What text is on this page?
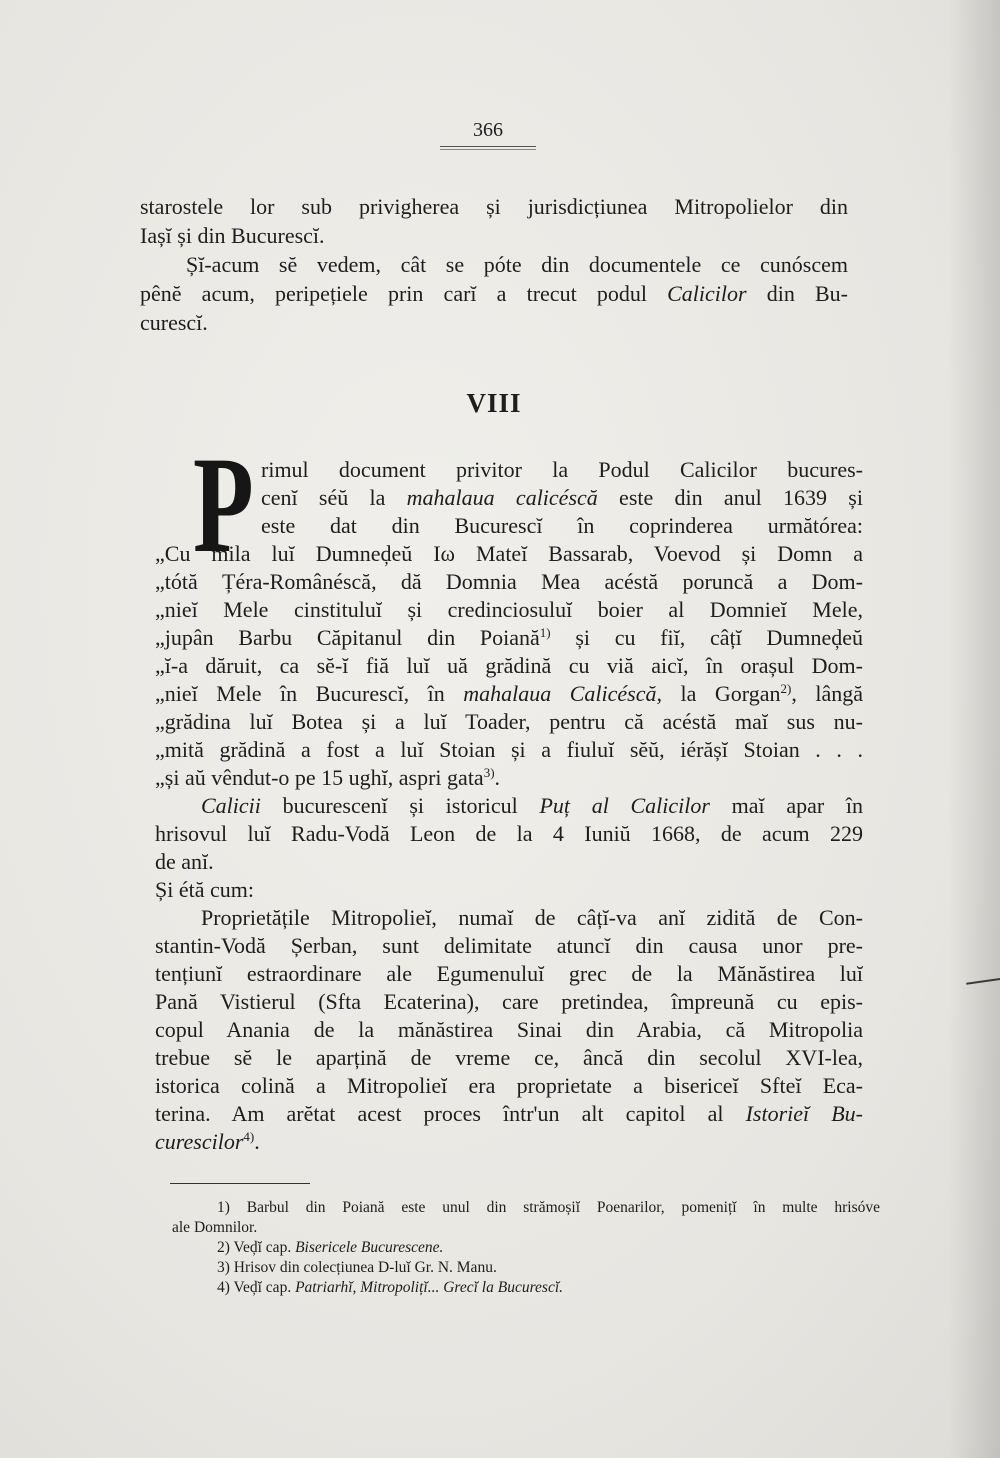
366
starostele lor sub privigherea și jurisdicțiunea Mitropolielor din
Iașĭ și din Bucurescĭ.
Șĭ-acum sĕ vedem, cât se póte din documentele ce cunóscem
pênĕ acum, peripețiele prin carĭ a trecut podul Calicilor din Bu-
curescĭ.
VIII
P rimul document privitor la Podul Calicilor bucures-
cenĭ séŭ la mahalaua calicéscă este din anul 1639 și
este dat din Bucurescĭ în coprinderea următórea:
„Cu mila luĭ Dumneḑeŭ Iω Mateĭ Bassarab, Voevod și Domn a
„tótă Țéra-Românéscă, dă Domnia Mea acéstă poruncă a Dom-
„nieĭ Mele cinstituluĭ și credinciosuluĭ boier al Domnieĭ Mele,
„jupân Barbu Căpitanul din Poiană$^{1)}$ și cu fiĭ, câțĭ Dumneḑeŭ
„ĭ-a dăruit, ca sĕ-ĭ fiă luĭ uă grădină cu viă aicĭ, în orașul Dom-
„nieĭ Mele în Bucurescĭ, în mahalaua Calicéscă, la Gorgan$^{2)}$, lângă
„grădina luĭ Botea și a luĭ Toader, pentru că acéstă maĭ sus nu-
„mită grădină a fost a luĭ Stoian și a fiuluĭ sĕŭ, iérășĭ Stoian . . .
„și aŭ vêndut-o pe 15 ughĭ, aspri gata$^{3)}$.
Calicii bucurescenĭ și istoricul Puț al Calicilor maĭ apar în
hrisovul luĭ Radu-Vodă Leon de la 4 Iuniŭ 1668, de acum 229
de anĭ.
Și étă cum:
Proprietățile Mitropolieĭ, numaĭ de câțĭ-va anĭ zidită de Con-
stantin-Vodă Șerban, sunt delimitate atuncĭ din causa unor pre-
tențiunĭ estraordinare ale Egumenuluĭ grec de la Mănăstirea luĭ
Pană Vistierul (Sfta Ecaterina), care pretindea, împreună cu epis-
copul Anania de la mănăstirea Sinai din Arabia, că Mitropolia
trebue sĕ le aparțină de vreme ce, âncă din secolul XVI-lea,
istorica colină a Mitropolieĭ era proprietate a bisericeĭ Sfteĭ Eca-
terina. Am arĕtat acest proces într'un alt capitol al Istorieĭ Bu-
curescilor$^{4)}$.
1) Barbul din Poiană este unul din strămoșiĭ Poenarilor, pomenițĭ în multe hrisóve
ale Domnilor.
2) Veḑĭ cap. Bisericele Bucurescene.
3) Hrisov din colecțiunea D-luĭ Gr. N. Manu.
4) Veḑĭ cap. Patriarhĭ, Mitropolițĭ... Grecĭ la Bucurescĭ.
